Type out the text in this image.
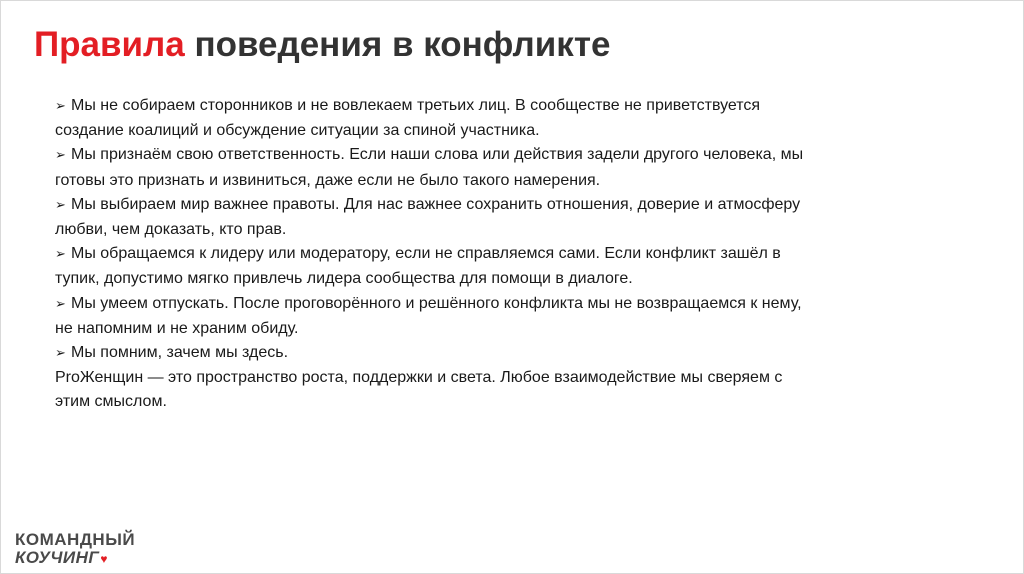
Правила поведения в конфликте

➢ Мы не собираем сторонников и не вовлекаем третьих лиц. В сообществе не приветствуется создание коалиций и обсуждение ситуации за спиной участника.

➢ Мы признаём свою ответственность. Если наши слова или действия задели другого человека, мы готовы это признать и извиниться, даже если не было такого намерения.

➢ Мы выбираем мир важнее правоты. Для нас важнее сохранить отношения, доверие и атмосферу любви, чем доказать, кто прав.

➢ Мы обращаемся к лидеру или модератору, если не справляемся сами. Если конфликт зашёл в тупик, допустимо мягко привлечь лидера сообщества для помощи в диалоге.

➢ Мы умеем отпускать. После проговорённого и решённого конфликта мы не возвращаемся к нему, не напомним и не храним обиду.

➢ Мы помним, зачем мы здесь.

ProЖенщин — это пространство роста, поддержки и света. Любое взаимодействие мы сверяем с этим смыслом.

КОМАНДНЫЙ
КОУЧИНГ♥
